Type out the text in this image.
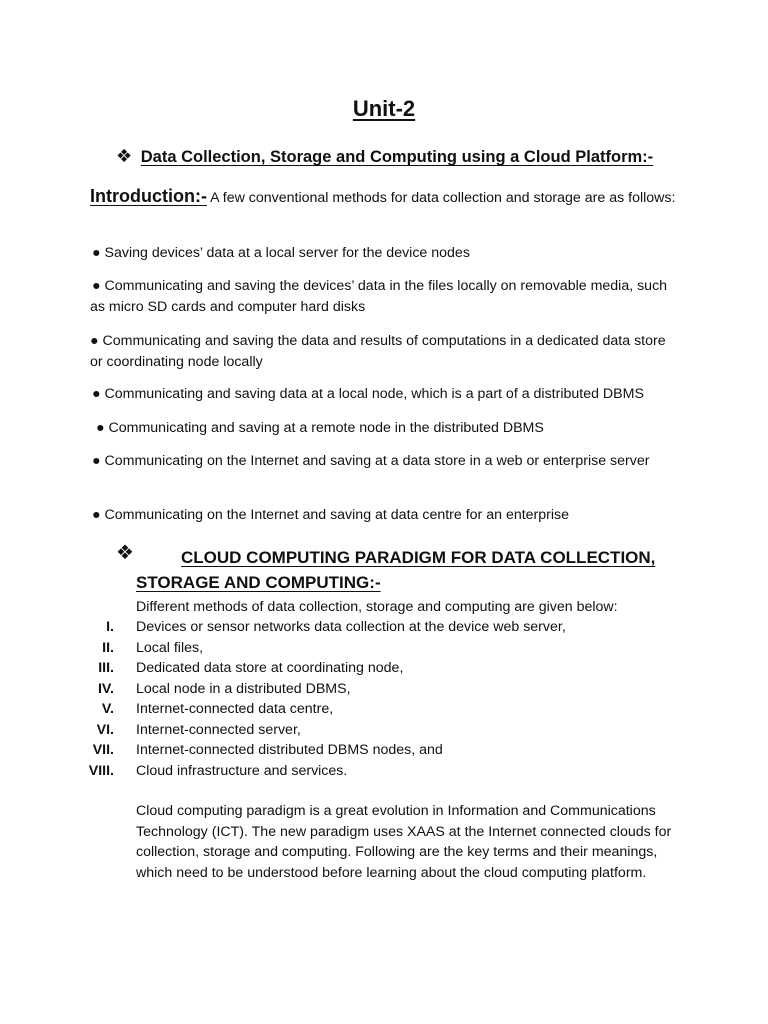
Unit-2
❖ Data Collection, Storage and Computing using a Cloud Platform:-
Introduction:- A few conventional methods for data collection and storage are as follows:
● Saving devices’ data at a local server for the device nodes
● Communicating and saving the devices’ data in the files locally on removable media, such as micro SD cards and computer hard disks
● Communicating and saving the data and results of computations in a dedicated data store or coordinating node locally
● Communicating and saving data at a local node, which is a part of a distributed DBMS
● Communicating and saving at a remote node in the distributed DBMS
● Communicating on the Internet and saving at a data store in a web or enterprise server
● Communicating on the Internet and saving at data centre for an enterprise
❖	CLOUD COMPUTING PARADIGM FOR DATA COLLECTION, STORAGE AND COMPUTING:-
Different methods of data collection, storage and computing are given below:
I.	Devices or sensor networks data collection at the device web server,
II.	Local files,
III.	Dedicated data store at coordinating node,
IV.	Local node in a distributed DBMS,
V.	Internet-connected data centre,
VI.	Internet-connected server,
VII.	Internet-connected distributed DBMS nodes, and
VIII.	Cloud infrastructure and services.
Cloud computing paradigm is a great evolution in Information and Communications Technology (ICT). The new paradigm uses XAAS at the Internet connected clouds for collection, storage and computing. Following are the key terms and their meanings, which need to be understood before learning about the cloud computing platform.
